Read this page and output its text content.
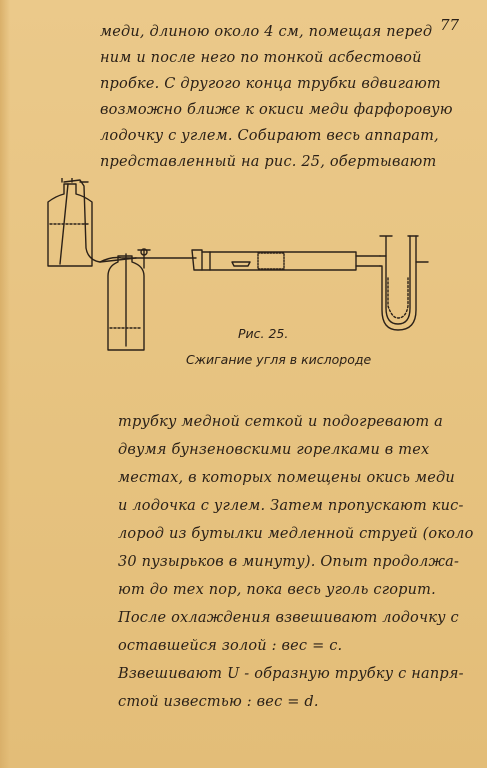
77

меди, длиною около 4 см, помещая перед

ним и после него по тонкой асбестовой

пробке. С другого конца трубки вдвигают

возможно ближе к окиси меди фарфоровую

лодочку с углем. Собирают весь аппарат,

представленный на рис. 25, обертывают

Рис. 25.
Сжигание угля в кислороде

трубку медной сеткой и подогревают а

двумя бунзеновскими горелками в тех

местах, в которых помещены окись меди

и лодочка с углем. Затем пропускают кис-

лород из бутылки медленной струей (около

30 пузырьков в минуту). Опыт продолжа-

ют до тех пор, пока весь уголь сгорит.

После охлаждения взвешивают лодочку с

оставшейся золой : вес = с.

Взвешивают U - образную трубку с напря-

стой известью : вес = d.
